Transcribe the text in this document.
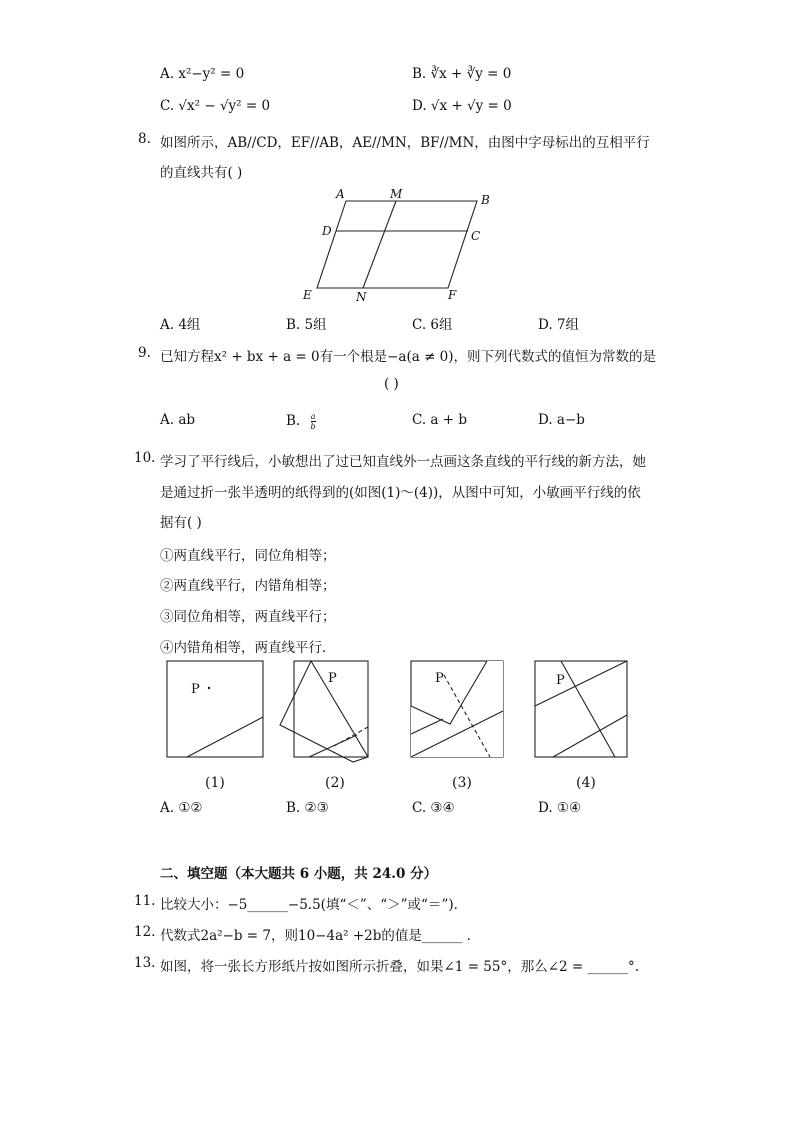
A. x²−y² = 0	B. ∛x + ∛y = 0
C. √x² − √y² = 0	D. √x + √y = 0
8. 如图所示，AB//CD，EF//AB，AE//MN，BF//MN，由图中字母标出的互相平行
的直线共有( )
A	M	B
D	C
E	N	F
A. 4组	B. 5组	C. 6组	D. 7组
9. 已知方程x² + bx + a = 0有一个根是−a(a ≠ 0)，则下列代数式的值恒为常数的是
( )
A. ab	B. $\frac{a}{b}$	C. a + b	D. a−b
10. 学习了平行线后，小敏想出了过已知直线外一点画这条直线的平行线的新方法，她
是通过折一张半透明的纸得到的(如图(1)～(4))，从图中可知，小敏画平行线的依
据有( )
①两直线平行，同位角相等；
②两直线平行，内错角相等；
③同位角相等，两直线平行；
④内错角相等，两直线平行．
P
P	P	P
(1)	(2)	(3)	(4)
A. ①②	B. ②③	C. ③④	D. ①④
二、填空题（本大题共 6 小题，共 24.0 分）
11. 比较大小：−5______−5.5(填“＜”、“＞”或“＝”)．
12. 代数式2a²−b = 7，则10−4a² +2b的值是______ ．
13. 如图，将一张长方形纸片按如图所示折叠，如果∠1 = 55°，那么∠2 = ______°.
